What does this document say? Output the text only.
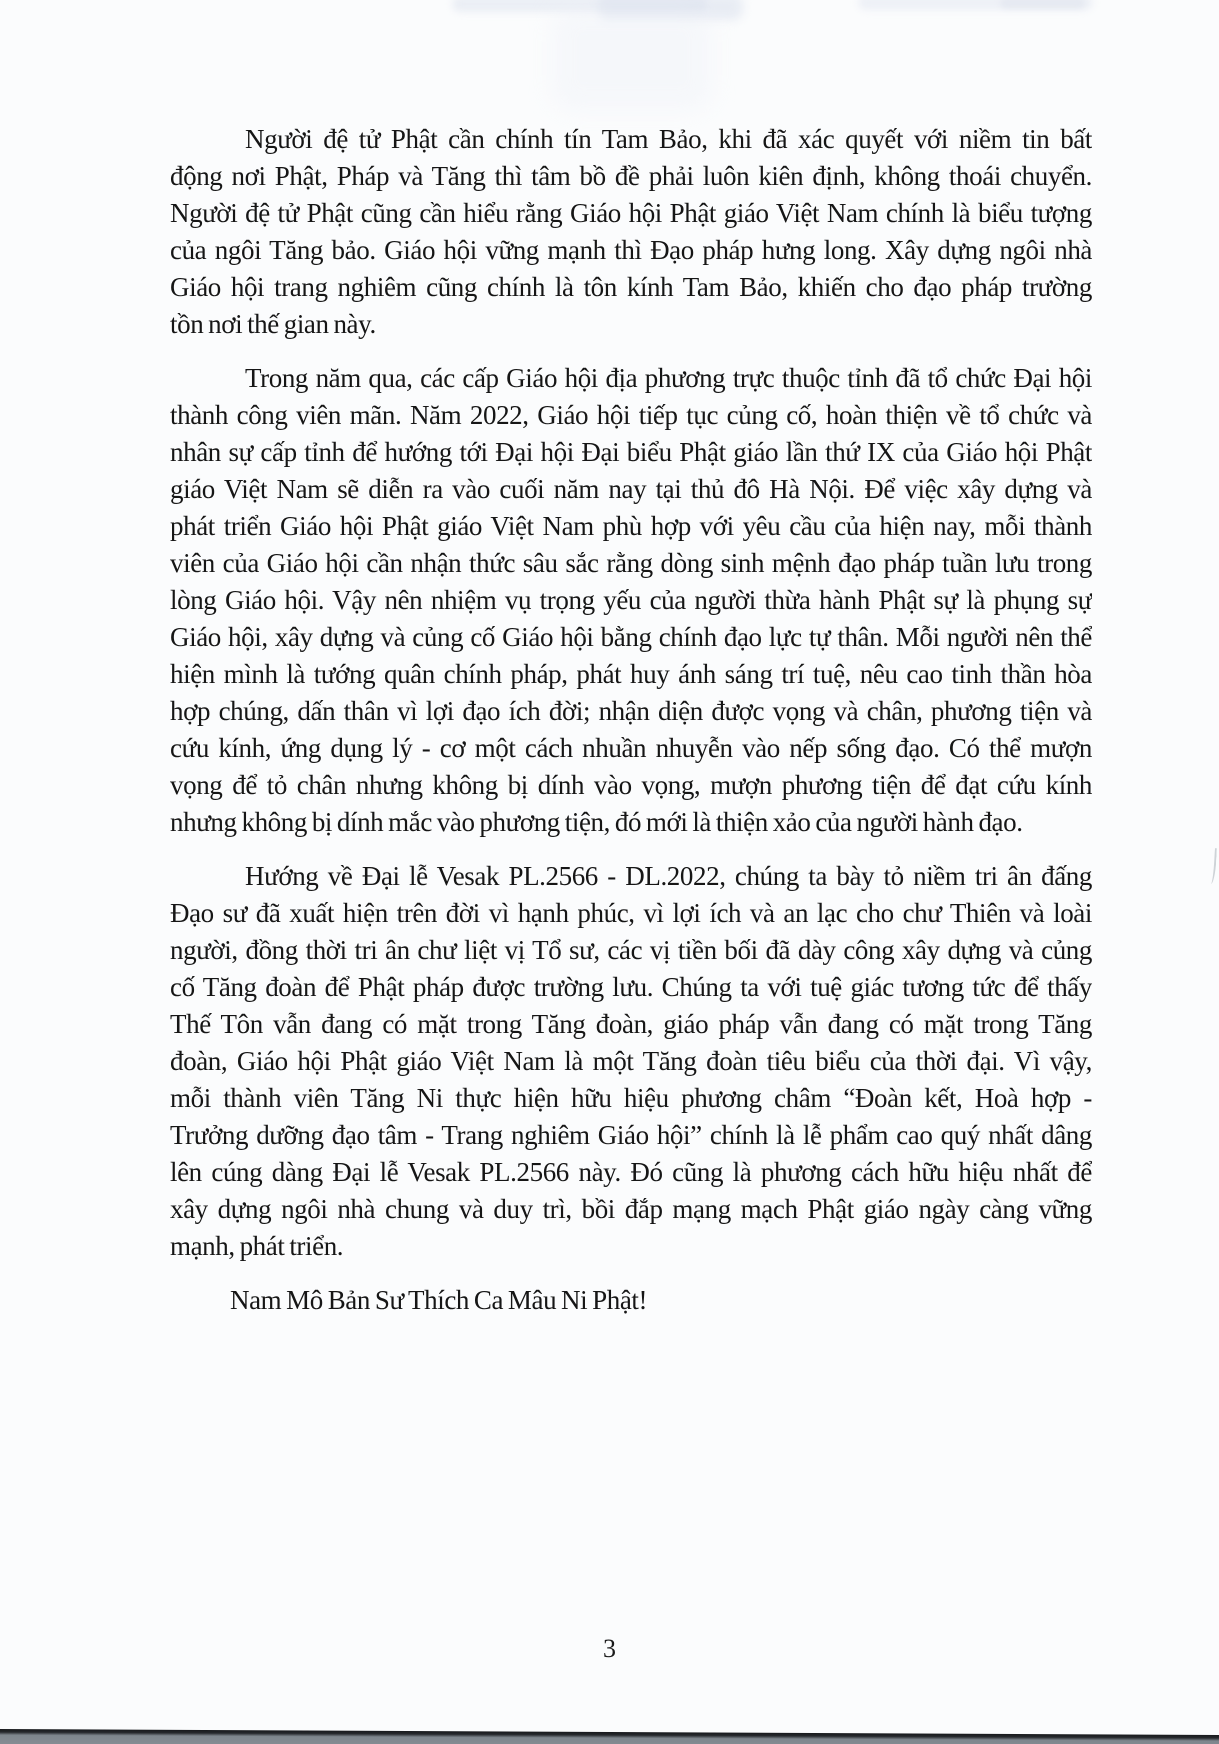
Người đệ tử Phật cần chính tín Tam Bảo, khi đã xác quyết với niềm tin bất
động nơi Phật, Pháp và Tăng thì tâm bồ đề phải luôn kiên định, không thoái chuyển.
Người đệ tử Phật cũng cần hiểu rằng Giáo hội Phật giáo Việt Nam chính là biểu tượng
của ngôi Tăng bảo. Giáo hội vững mạnh thì Đạo pháp hưng long. Xây dựng ngôi nhà
Giáo hội trang nghiêm cũng chính là tôn kính Tam Bảo, khiến cho đạo pháp trường
tồn nơi thế gian này.
Trong năm qua, các cấp Giáo hội địa phương trực thuộc tỉnh đã tổ chức Đại hội
thành công viên mãn. Năm 2022, Giáo hội tiếp tục củng cố, hoàn thiện về tổ chức và
nhân sự cấp tỉnh để hướng tới Đại hội Đại biểu Phật giáo lần thứ IX của Giáo hội Phật
giáo Việt Nam sẽ diễn ra vào cuối năm nay tại thủ đô Hà Nội. Để việc xây dựng và
phát triển Giáo hội Phật giáo Việt Nam phù hợp với yêu cầu của hiện nay, mỗi thành
viên của Giáo hội cần nhận thức sâu sắc rằng dòng sinh mệnh đạo pháp tuần lưu trong
lòng Giáo hội. Vậy nên nhiệm vụ trọng yếu của người thừa hành Phật sự là phụng sự
Giáo hội, xây dựng và củng cố Giáo hội bằng chính đạo lực tự thân. Mỗi người nên thể
hiện mình là tướng quân chính pháp, phát huy ánh sáng trí tuệ, nêu cao tinh thần hòa
hợp chúng, dấn thân vì lợi đạo ích đời; nhận diện được vọng và chân, phương tiện và
cứu kính, ứng dụng lý - cơ một cách nhuần nhuyễn vào nếp sống đạo. Có thể mượn
vọng để tỏ chân nhưng không bị dính vào vọng, mượn phương tiện để đạt cứu kính
nhưng không bị dính mắc vào phương tiện, đó mới là thiện xảo của người hành đạo.
Hướng về Đại lễ Vesak PL.2566 - DL.2022, chúng ta bày tỏ niềm tri ân đấng
Đạo sư đã xuất hiện trên đời vì hạnh phúc, vì lợi ích và an lạc cho chư Thiên và loài
người, đồng thời tri ân chư liệt vị Tổ sư, các vị tiền bối đã dày công xây dựng và củng
cố Tăng đoàn để Phật pháp được trường lưu. Chúng ta với tuệ giác tương tức để thấy
Thế Tôn vẫn đang có mặt trong Tăng đoàn, giáo pháp vẫn đang có mặt trong Tăng
đoàn, Giáo hội Phật giáo Việt Nam là một Tăng đoàn tiêu biểu của thời đại. Vì vậy,
mỗi thành viên Tăng Ni thực hiện hữu hiệu phương châm “Đoàn kết, Hoà hợp -
Trưởng dưỡng đạo tâm - Trang nghiêm Giáo hội” chính là lễ phẩm cao quý nhất dâng
lên cúng dàng Đại lễ Vesak PL.2566 này. Đó cũng là phương cách hữu hiệu nhất để
xây dựng ngôi nhà chung và duy trì, bồi đắp mạng mạch Phật giáo ngày càng vững
mạnh, phát triển.
Nam Mô Bản Sư Thích Ca Mâu Ni Phật!
3
